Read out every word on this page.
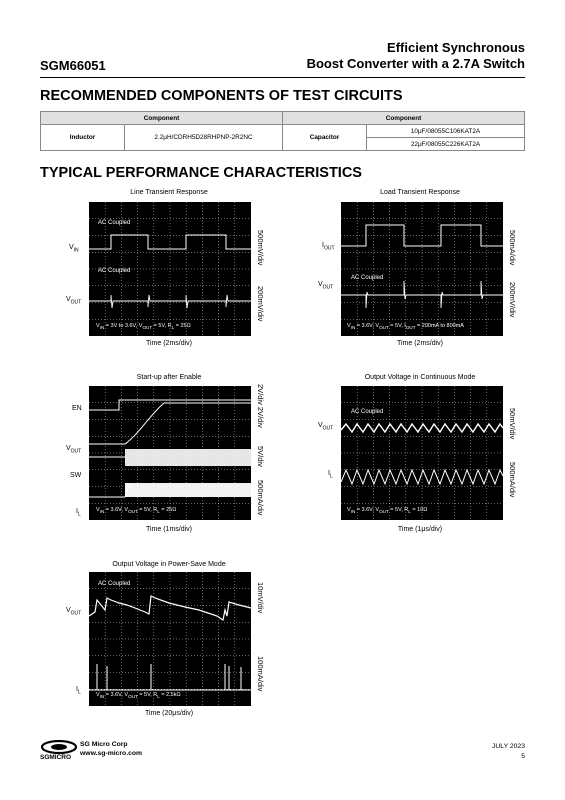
SGM66051
Efficient Synchronous
Boost Converter with a 2.7A Switch
RECOMMENDED COMPONENTS OF TEST CIRCUITS
Component		Component	
Inductor	2.2μH/CDRH5D28RHPNP-2R2NC	Capacitor	10μF/08055C106KAT2A
			22μF/08055C226KAT2A
TYPICAL PERFORMANCE CHARACTERISTICS
Line Transient Response
AC Coupled
AC Coupled
$V_{IN}$
$V_{OUT}$
500mV/div
200mV/div
$V_{IN} = 3V$ to 3.6V, $V_{OUT} = 5V$, $R_L = 25\Omega$
Time (2ms/div)
Load Transient Response
AC Coupled
$I_{OUT}$
$V_{OUT}$
500mA/div
200mV/div
$V_{IN} = 3.6V$, $V_{OUT} = 5V$, $I_{OUT} = 200mA$ to 800mA
Time (2ms/div)
Start-up after Enable
EN
$V_{OUT}$
SW
$I_L$
2V/div 2V/div
5V/div
500mA/div
$V_{IN} = 3.6V$, $V_{OUT} = 5V$, $R_L = 25\Omega$
Time (1ms/div)
Output Voltage in Continuous Mode
AC Coupled
$V_{OUT}$
$I_L$
50mV/div
500mA/div
$V_{IN} = 3.6V$, $V_{OUT} = 5V$, $R_L = 10\Omega$
Time (1μs/div)
Output Voltage in Power-Save Mode
AC Coupled
$V_{OUT}$
$I_L$
10mV/div
100mA/div
$V_{IN} = 3.6V$, $V_{OUT} = 5V$, $R_L = 2.5k\Omega$
Time (20μs/div)
SGMICRO
SG Micro Corp
www.sg-micro.com
JULY 2023
5
